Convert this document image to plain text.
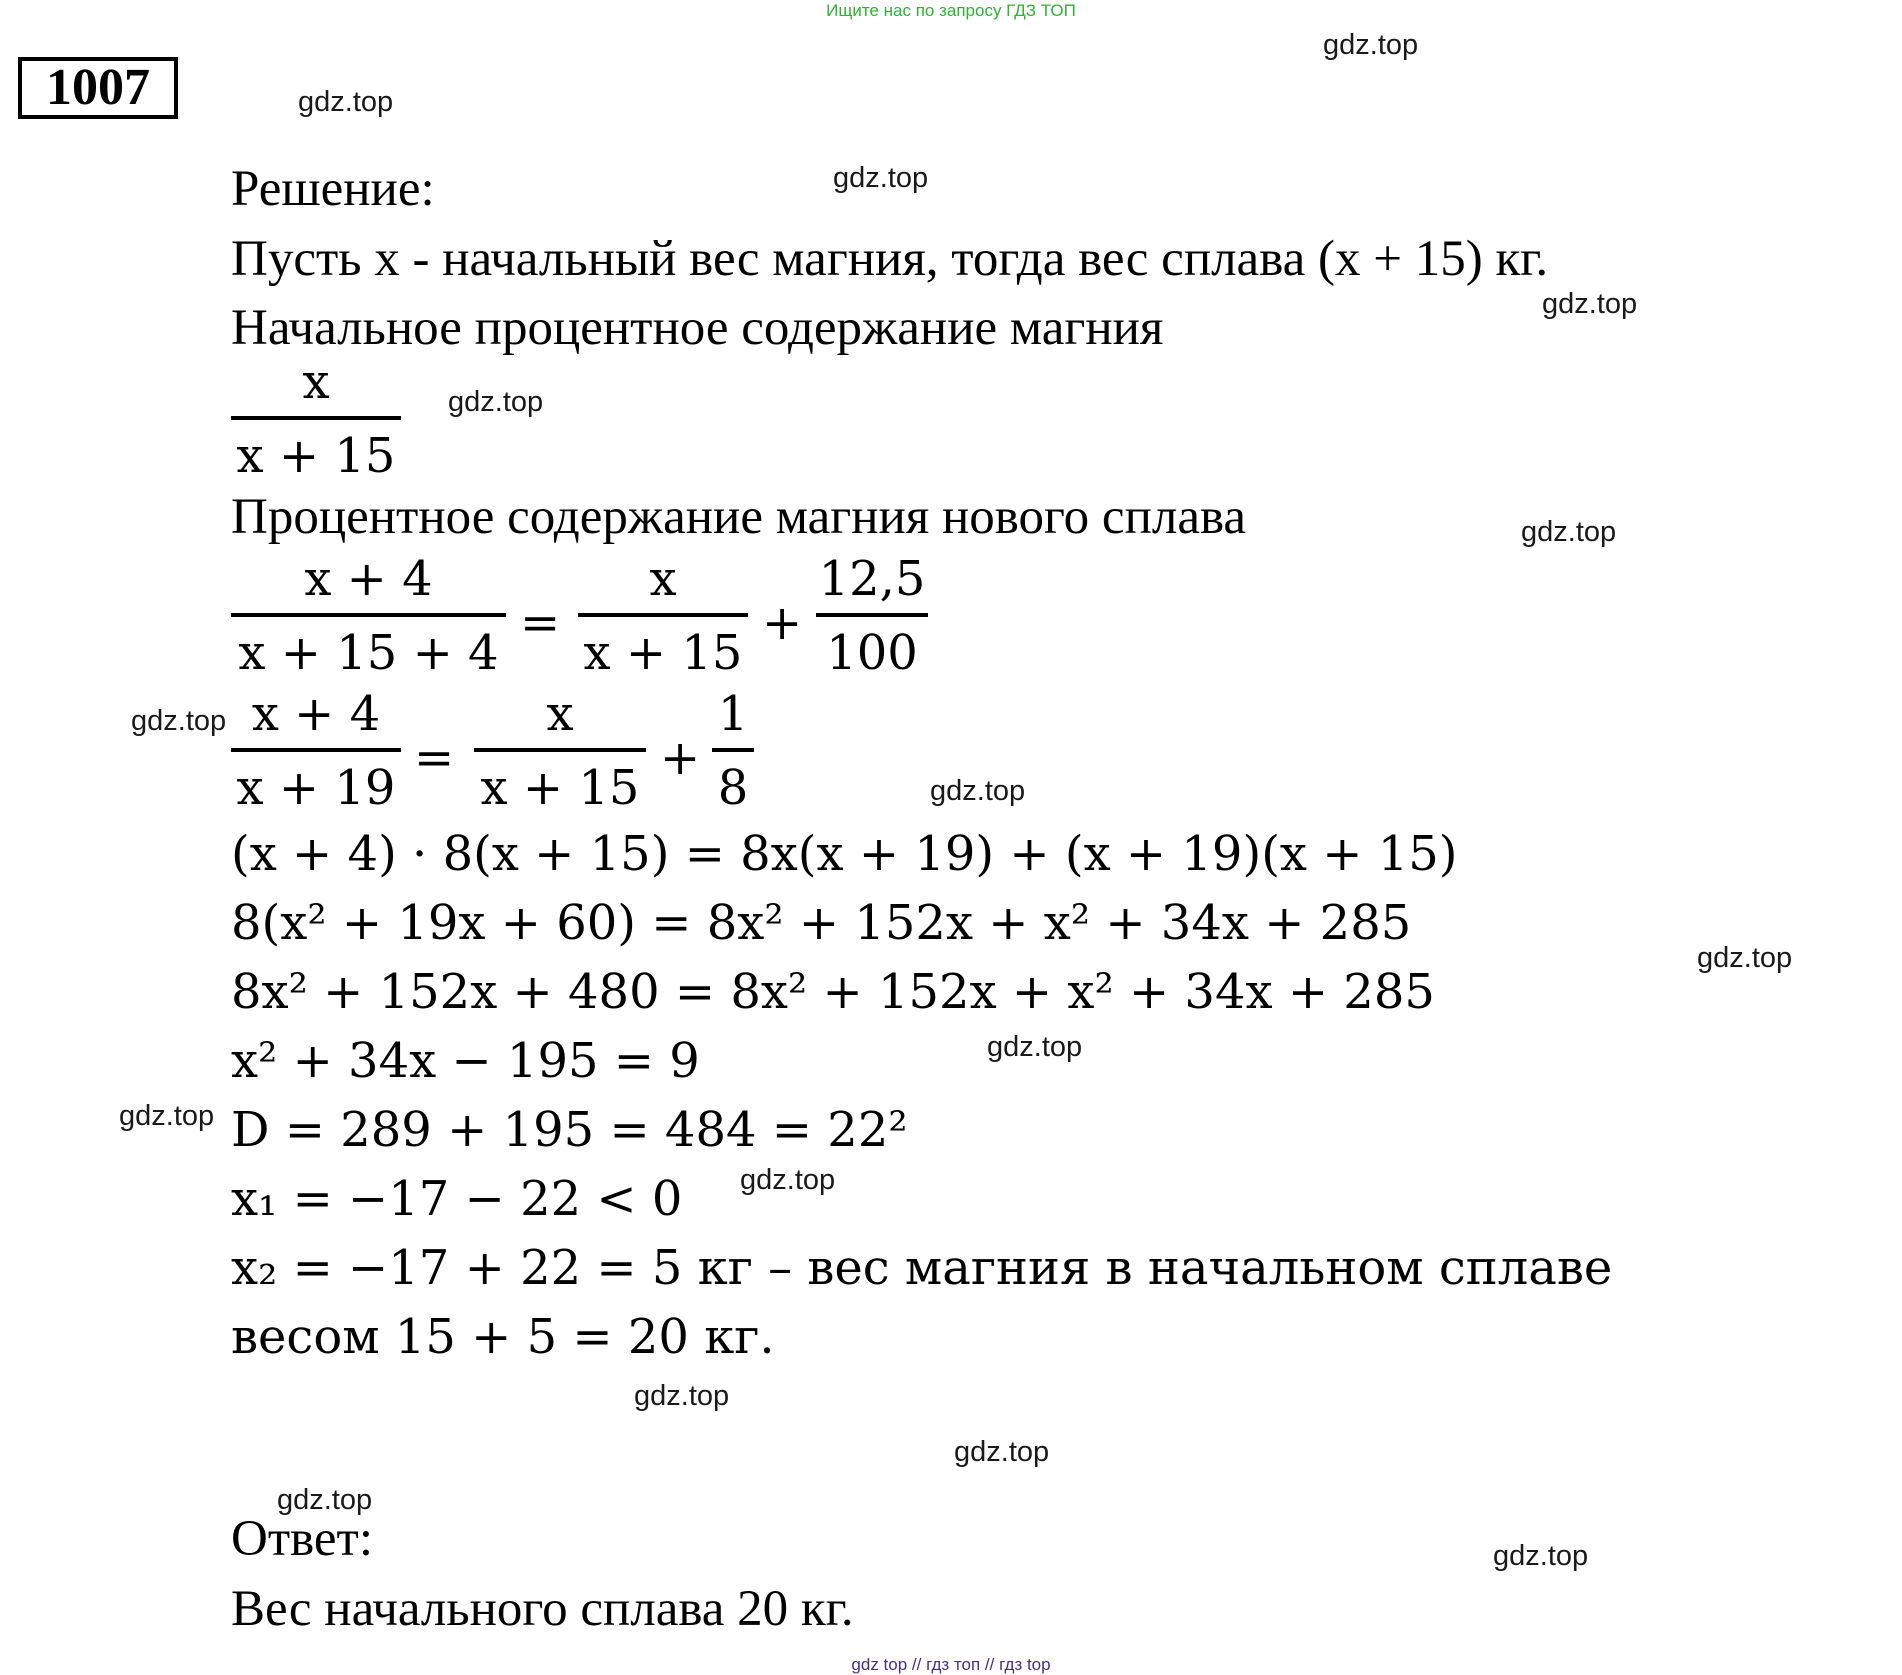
Ищите нас по запросу ГДЗ ТОП
1007
gdz.top
gdz.top
gdz.top
gdz.top
gdz.top
gdz.top
gdz.top
gdz.top
gdz.top
gdz.top
gdz.top
gdz.top
gdz.top
gdz.top
gdz.top
gdz.top
Решение:
Пусть x - начальный вес магния, тогда вес сплава (x + 15) кг.
Начальное процентное содержание магния
x
x + 15
Процентное содержание магния нового сплава
x + 4
x + 15 + 4
=
x
x + 15
+
12,5
100
x + 4
x + 19
=
x
x + 15
+
1
8
(x + 4) · 8(x + 15) = 8x(x + 19) + (x + 19)(x + 15)
8(x² + 19x + 60) = 8x² + 152x + x² + 34x + 285
8x² + 152x + 480 = 8x² + 152x + x² + 34x + 285
x² + 34x − 195 = 9
D = 289 + 195 = 484 = 22²
x₁ = −17 − 22 < 0
x₂ = −17 + 22 = 5 кг – вес магния в начальном сплаве
весом 15 + 5 = 20 кг.
Ответ:
Вес начального сплава 20 кг.
gdz top // гдз топ // гдз top
